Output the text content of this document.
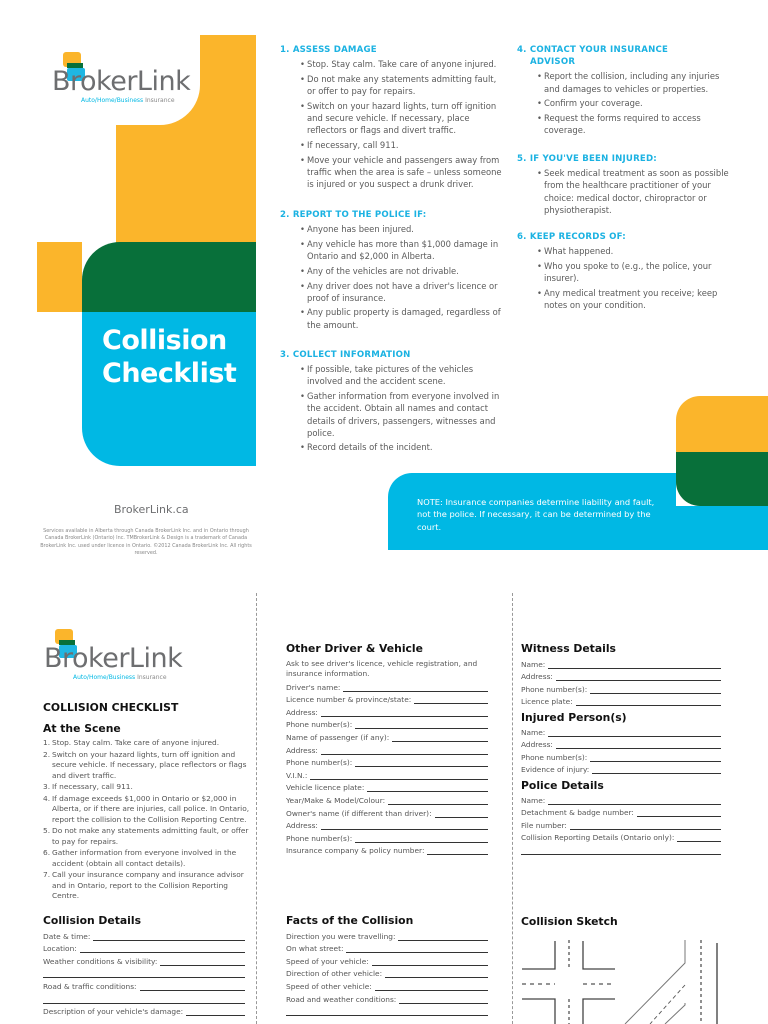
BrokerLink
Auto/Home/Business Insurance
Collision
Checklist
BrokerLink.ca
Services available in Alberta through Canada BrokerLink Inc. and in Ontario through Canada BrokerLink (Ontario) Inc. TMBrokerLink & Design is a trademark of Canada BrokerLink Inc. used under licence in Ontario. ©2012 Canada BrokerLink Inc. All rights reserved.
1. ASSESS DAMAGE
• Stop. Stay calm. Take care of anyone injured.
• Do not make any statements admitting fault, or offer to pay for repairs.
• Switch on your hazard lights, turn off ignition and secure vehicle. If necessary, place reflectors or flags and divert traffic.
• If necessary, call 911.
• Move your vehicle and passengers away from traffic when the area is safe – unless someone is injured or you suspect a drunk driver.
2. REPORT TO THE POLICE IF:
• Anyone has been injured.
• Any vehicle has more than $1,000 damage in Ontario and $2,000 in Alberta.
• Any of the vehicles are not drivable.
• Any driver does not have a driver's licence or proof of insurance.
• Any public property is damaged, regardless of the amount.
3. COLLECT INFORMATION
• If possible, take pictures of the vehicles involved and the accident scene.
• Gather information from everyone involved in the accident. Obtain all names and contact details of drivers, passengers, witnesses and police.
• Record details of the incident.
4. CONTACT YOUR INSURANCE
ADVISOR
• Report the collision, including any injuries and damages to vehicles or properties.
• Confirm your coverage.
• Request the forms required to access coverage.
5. IF YOU'VE BEEN INJURED:
• Seek medical treatment as soon as possible from the healthcare practitioner of your choice: medical doctor, chiropractor or physiotherapist.
6. KEEP RECORDS OF:
• What happened.
• Who you spoke to (e.g., the police, your insurer).
• Any medical treatment you receive; keep notes on your condition.
NOTE: Insurance companies determine liability and fault, not the police. If necessary, it can be determined by the court.
BrokerLink
Auto/Home/Business Insurance
COLLISION CHECKLIST
At the Scene
1. Stop. Stay calm. Take care of anyone injured.
2. Switch on your hazard lights, turn off ignition and secure vehicle. If necessary, place reflectors or flags and divert traffic.
3. If necessary, call 911.
4. If damage exceeds $1,000 in Ontario or $2,000 in Alberta, or if there are injuries, call police. In Ontario, report the collision to the Collision Reporting Centre.
5. Do not make any statements admitting fault, or offer to pay for repairs.
6. Gather information from everyone involved in the accident (obtain all contact details).
7. Call your insurance company and insurance advisor and in Ontario, report to the Collision Reporting Centre.
Other Driver & Vehicle
Ask to see driver's licence, vehicle registration, and insurance information.
Driver's name:
Licence number & province/state:
Address:
Phone number(s):
Name of passenger (if any):
Address:
Phone number(s):
V.I.N.:
Vehicle licence plate:
Year/Make & Model/Colour:
Owner's name (if different than driver):
Address:
Phone number(s):
Insurance company & policy number:
Witness Details
Name:
Address:
Phone number(s):
Licence plate:
Injured Person(s)
Name:
Address:
Phone number(s):
Evidence of injury:
Police Details
Name:
Detachment & badge number:
File number:
Collision Reporting Details (Ontario only):
Collision Details
Date & time:
Location:
Weather conditions & visibility:
Road & traffic conditions:
Description of your vehicle's damage:
Facts of the Collision
Direction you were travelling:
On what street:
Speed of your vehicle:
Direction of other vehicle:
Speed of other vehicle:
Road and weather conditions:
Collision Sketch
